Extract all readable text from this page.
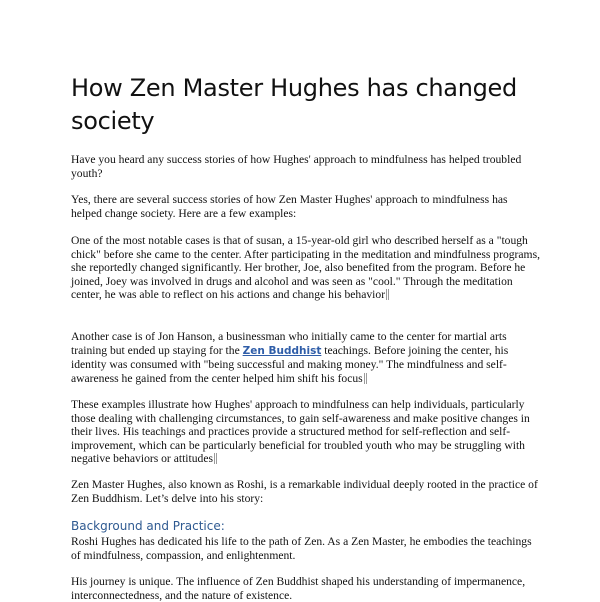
How Zen Master Hughes has changed society

Have you heard any success stories of how Hughes' approach to mindfulness has helped troubled youth?

Yes, there are several success stories of how Zen Master Hughes' approach to mindfulness has helped change society. Here are a few examples:

One of the most notable cases is that of susan, a 15-year-old girl who described herself as a "tough chick" before she came to the center. After participating in the meditation and mindfulness programs, she reportedly changed significantly. Her brother, Joe, also benefited from the program. Before he joined, Joey was involved in drugs and alcohol and was seen as "cool." Through the meditation center, he was able to reflect on his actions and change his behavior

Another case is of Jon Hanson, a businessman who initially came to the center for martial arts training but ended up staying for the Zen Buddhist teachings. Before joining the center, his identity was consumed with "being successful and making money." The mindfulness and self-awareness he gained from the center helped him shift his focus

These examples illustrate how Hughes' approach to mindfulness can help individuals, particularly those dealing with challenging circumstances, to gain self-awareness and make positive changes in their lives. His teachings and practices provide a structured method for self-reflection and self-improvement, which can be particularly beneficial for troubled youth who may be struggling with negative behaviors or attitudes

Zen Master Hughes, also known as Roshi, is a remarkable individual deeply rooted in the practice of Zen Buddhism. Let’s delve into his story:

Background and Practice:

Roshi Hughes has dedicated his life to the path of Zen. As a Zen Master, he embodies the teachings of mindfulness, compassion, and enlightenment.

His journey is unique. The influence of Zen Buddhist shaped his understanding of impermanence, interconnectedness, and the nature of existence.
